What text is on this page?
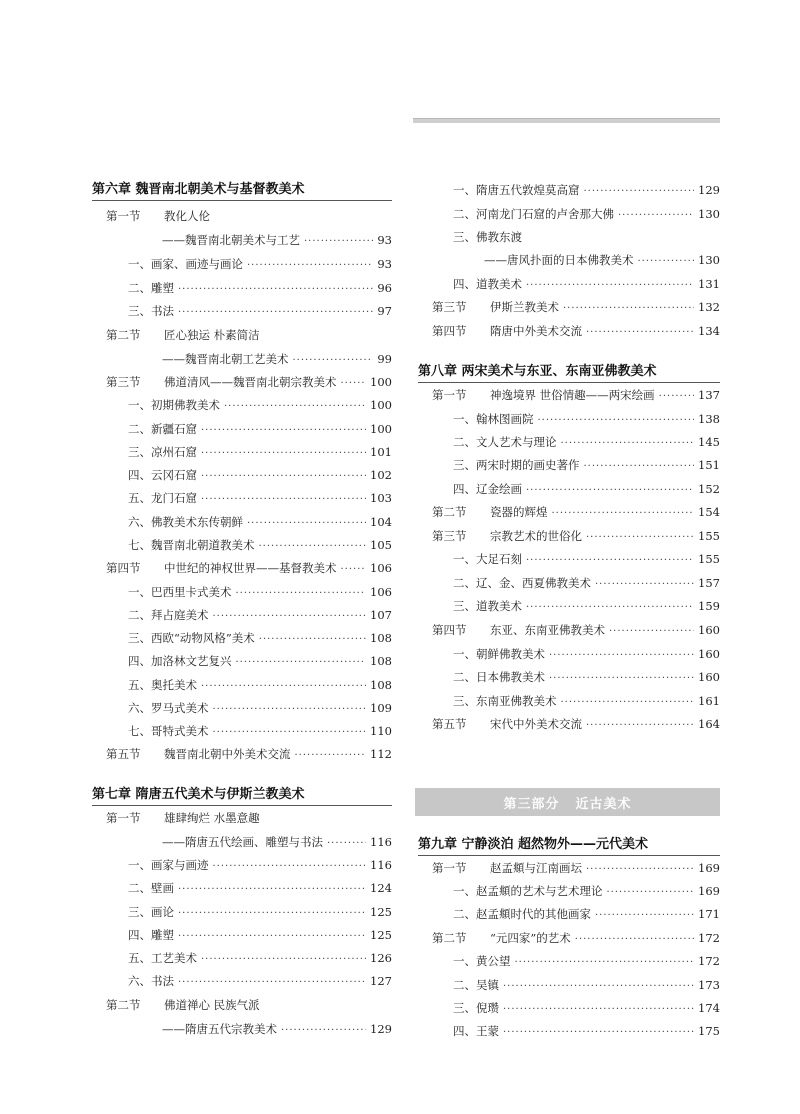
第六章 魏晋南北朝美术与基督教美术
第一节	教化人伦
——魏晋南北朝美术与工艺 ·····	93
一、画家、画迹与画论 ·····	93
二、雕塑 ·····	96
三、书法 ·····	97
第二节	匠心独运 朴素简洁
——魏晋南北朝工艺美术 ·····	99
第三节	佛道清风——魏晋南北朝宗教美术 ·····	100
一、初期佛教美术 ·····	100
二、新疆石窟 ·····	100
三、凉州石窟 ·····	101
四、云冈石窟 ·····	102
五、龙门石窟 ·····	103
六、佛教美术东传朝鲜 ·····	104
七、魏晋南北朝道教美术 ·····	105
第四节	中世纪的神权世界——基督教美术 ·····	106
一、巴西里卡式美术 ·····	106
二、拜占庭美术 ·····	107
三、西欧“动物风格”美术 ·····	108
四、加洛林文艺复兴 ·····	108
五、奥托美术 ·····	108
六、罗马式美术 ·····	109
七、哥特式美术 ·····	110
第五节	魏晋南北朝中外美术交流 ·····	112
第七章 隋唐五代美术与伊斯兰教美术
第一节	雄肆绚烂 水墨意趣
——隋唐五代绘画、雕塑与书法 ·····	116
一、画家与画迹 ·····	116
二、壁画 ·····	124
三、画论 ·····	125
四、雕塑 ·····	125
五、工艺美术 ·····	126
六、书法 ·····	127
第二节	佛道禅心 民族气派
——隋唐五代宗教美术 ·····	129
一、隋唐五代敦煌莫高窟 ·····	129
二、河南龙门石窟的卢舍那大佛 ·····	130
三、佛教东渡
——唐风扑面的日本佛教美术 ·····	130
四、道教美术 ·····	131
第三节	伊斯兰教美术 ·····	132
第四节	隋唐中外美术交流 ·····	134
第八章 两宋美术与东亚、东南亚佛教美术
第一节	神逸境界 世俗情趣——两宋绘画 ·····	137
一、翰林图画院 ·····	138
二、文人艺术与理论 ·····	145
三、两宋时期的画史著作 ·····	151
四、辽金绘画 ·····	152
第二节	瓷器的辉煌 ·····	154
第三节	宗教艺术的世俗化 ·····	155
一、大足石刻 ·····	155
二、辽、金、西夏佛教美术 ·····	157
三、道教美术 ·····	159
第四节	东亚、东南亚佛教美术 ·····	160
一、朝鲜佛教美术 ·····	160
二、日本佛教美术 ·····	160
三、东南亚佛教美术 ·····	161
第五节	宋代中外美术交流 ·····	164
第九章 宁静淡泊 超然物外——元代美术
第一节	赵孟頫与江南画坛 ·····	169
一、赵孟頫的艺术与艺术理论 ·····	169
二、赵孟頫时代的其他画家 ·····	171
第二节	“元四家”的艺术 ·····	172
一、黄公望 ·····	172
二、吴镇 ·····	173
三、倪瓒 ·····	174
四、王蒙 ·····	175
第三部分 近古美术
